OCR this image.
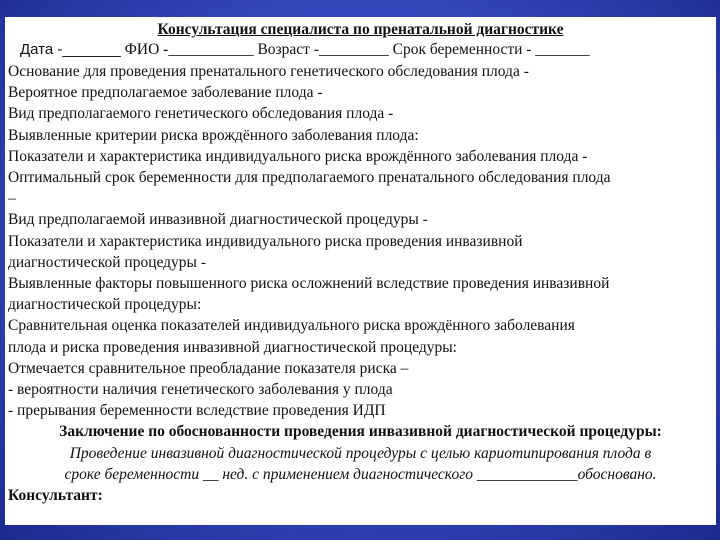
Консультация специалиста по пренатальной диагностике
Дата -_______ ФИО -___________ Возраст -_________ Срок беременности - _______
Основание для проведения пренатального генетического обследования плода -
Вероятное предполагаемое заболевание плода -
Вид предполагаемого генетического обследования плода -
Выявленные критерии риска врождённого заболевания плода:
Показатели и характеристика индивидуального риска врождённого заболевания плода -
Оптимальный срок беременности для предполагаемого пренатального обследования плода
–
Вид предполагаемой инвазивной диагностической процедуры -
Показатели и характеристика индивидуального риска проведения инвазивной
диагностической процедуры -
Выявленные факторы повышенного риска осложнений вследствие проведения инвазивной
диагностической процедуры:
Сравнительная оценка показателей индивидуального риска врождённого заболевания
плода и риска проведения инвазивной диагностической процедуры:
Отмечается сравнительное преобладание показателя риска –
- вероятности наличия генетического заболевания у плода
- прерывания беременности вследствие проведения ИДП
Заключение по обоснованности проведения инвазивной диагностической процедуры:
Проведение инвазивной диагностической процедуры с целью кариотипирования плода в
сроке беременности __ нед. с применением диагностического _____________обосновано.
Консультант:
